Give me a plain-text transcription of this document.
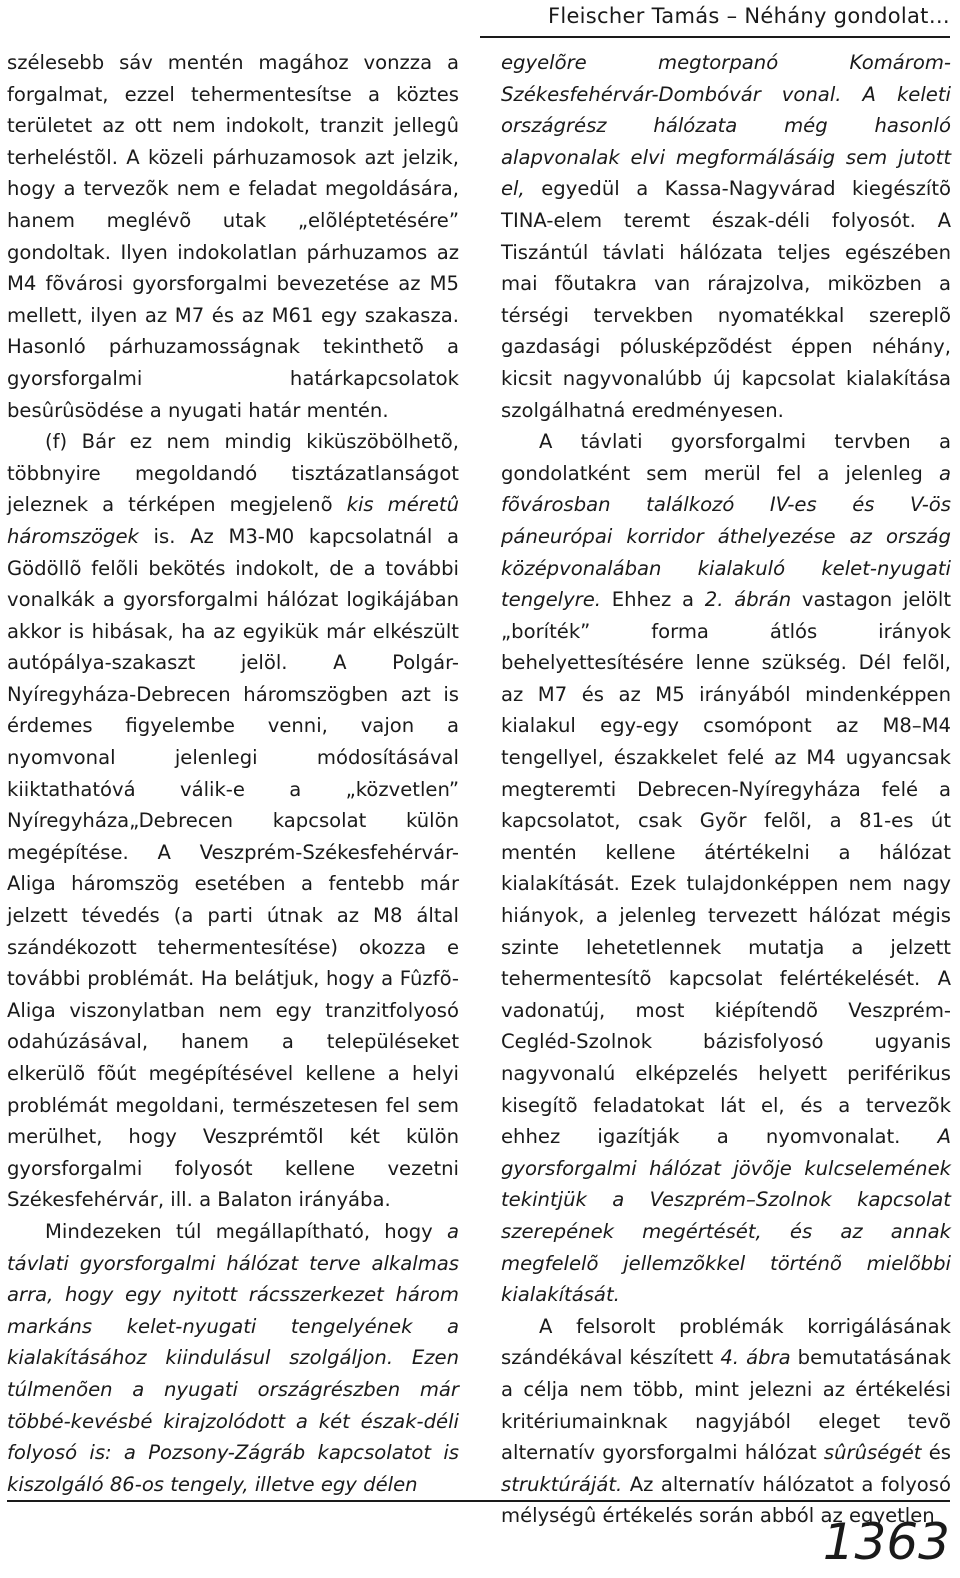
Fleischer Tamás – Néhány gondolat…

szélesebb sáv mentén magához vonzza a forgalmat, ezzel tehermentesítse a köztes területet az ott nem indokolt, tranzit jellegû terheléstõl. A közeli párhuzamosok azt jelzik, hogy a tervezõk nem e feladat megoldására, hanem meglévõ utak „elõléptetésére” gondoltak. Ilyen indokolatlan párhuzamos az M4 fõvárosi gyorsforgalmi bevezetése az M5 mellett, ilyen az M7 és az M61 egy szakasza. Hasonló párhuzamosságnak tekinthetõ a gyorsforgalmi határkapcsolatok besûrûsödése a nyugati határ mentén.

(f) Bár ez nem mindig kiküszöbölhetõ, többnyire megoldandó tisztázatlanságot jeleznek a térképen megjelenõ kis méretû háromszögek is. Az M3-M0 kapcsolatnál a Gödöllõ felõli bekötés indokolt, de a további vonalkák a gyorsforgalmi hálózat logikájában akkor is hibásak, ha az egyikük már elkészült autópálya-szakaszt jelöl. A Polgár-Nyíregyháza-Debrecen háromszögben azt is érdemes figyelembe venni, vajon a nyomvonal jelenlegi módosításával kiiktathatóvá válik-e a „közvetlen” Nyíregyháza„Debrecen kapcsolat külön megépítése. A Veszprém-Székesfehérvár-Aliga háromszög esetében a fentebb már jelzett tévedés (a parti útnak az M8 által szándékozott tehermentesítése) okozza e további problémát. Ha belátjuk, hogy a Fûzfõ-Aliga viszonylatban nem egy tranzitfolyosó odahúzásával, hanem a településeket elkerülõ fõút megépítésével kellene a helyi problémát megoldani, természetesen fel sem merülhet, hogy Veszprémtõl két külön gyorsforgalmi folyosót kellene vezetni Székesfehérvár, ill. a Balaton irányába.

Mindezeken túl megállapítható, hogy a távlati gyorsforgalmi hálózat terve alkalmas arra, hogy egy nyitott rácsszerkezet három markáns kelet-nyugati tengelyének a kialakításához kiindulásul szolgáljon. Ezen túlmenõen a nyugati országrészben már többé-kevésbé kirajzolódott a két észak-déli folyosó is: a Pozsony-Zágráb kapcsolatot is kiszolgáló 86-os tengely, illetve egy délen

egyelõre megtorpanó Komárom-Székesfehérvár-Dombóvár vonal. A keleti országrész hálózata még hasonló alapvonalak elvi megformálásáig sem jutott el, egyedül a Kassa-Nagyvárad kiegészítõ TINA-elem teremt észak-déli folyosót. A Tiszántúl távlati hálózata teljes egészében mai fõutakra van rárajzolva, miközben a térségi tervekben nyomatékkal szereplõ gazdasági pólusképzõdést éppen néhány, kicsit nagyvonalúbb új kapcsolat kialakítása szolgálhatná eredményesen.

A távlati gyorsforgalmi tervben a gondolatként sem merül fel a jelenleg a fõvárosban találkozó IV-es és V-ös páneurópai korridor áthelyezése az ország középvonalában kialakuló kelet-nyugati tengelyre. Ehhez a 2. ábrán vastagon jelölt „boríték” forma átlós irányok behelyettesítésére lenne szükség. Dél felõl, az M7 és az M5 irányából mindenképpen kialakul egy-egy csomópont az M8–M4 tengellyel, északkelet felé az M4 ugyancsak megteremti Debrecen-Nyíregyháza felé a kapcsolatot, csak Gyõr felõl, a 81-es út mentén kellene átértékelni a hálózat kialakítását. Ezek tulajdonképpen nem nagy hiányok, a jelenleg tervezett hálózat mégis szinte lehetetlennek mutatja a jelzett tehermentesítõ kapcsolat felértékelését. A vadonatúj, most kiépítendõ Veszprém-Cegléd-Szolnok bázisfolyosó ugyanis nagyvonalú elképzelés helyett periférikus kisegítõ feladatokat lát el, és a tervezõk ehhez igazítják a nyomvonalat. A gyorsforgalmi hálózat jövõje kulcselemének tekintjük a Veszprém–Szolnok kapcsolat szerepének megértését, és az annak megfelelõ jellemzõkkel történõ mielõbbi kialakítását.

A felsorolt problémák korrigálásának szándékával készített 4. ábra bemutatásának a célja nem több, mint jelezni az értékelési kritériumainknak nagyjából eleget tevõ alternatív gyorsforgalmi hálózat sûrûségét és struktúráját. Az alternatív hálózatot a folyosó mélységû értékelés során abból az egyetlen

1363
